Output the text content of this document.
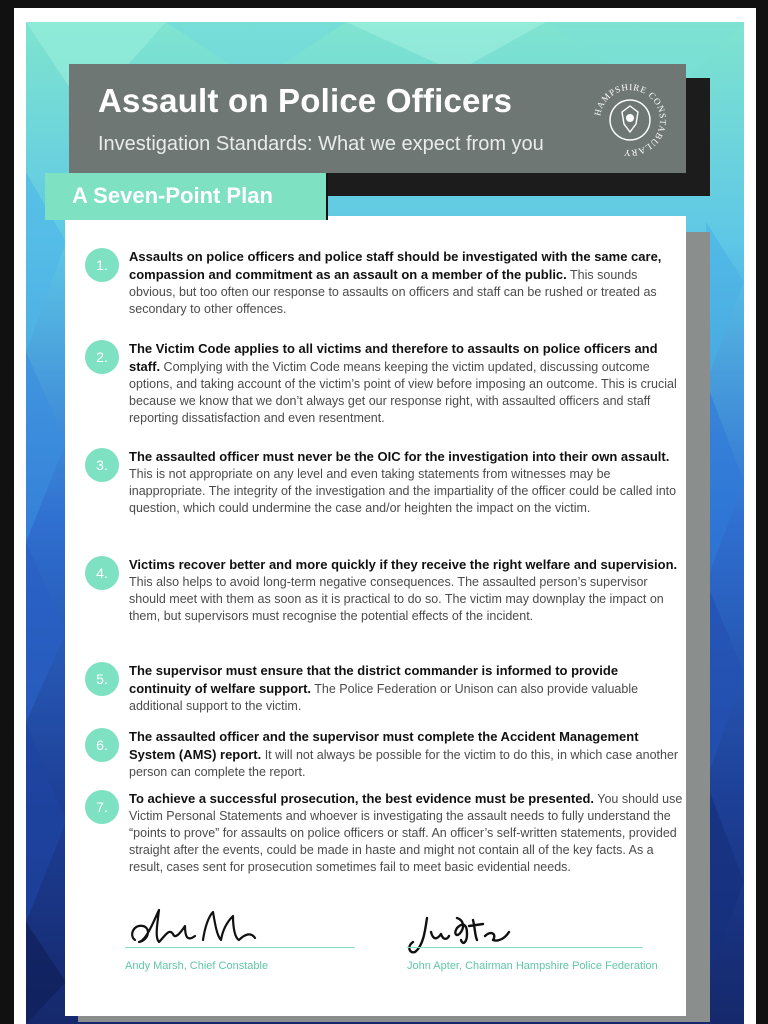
Assault on Police Officers
Investigation Standards: What we expect from you
HAMPSHIRE CONSTABULARY
A Seven-Point Plan
1.
Assaults on police officers and police staff should be investigated with the same care, compassion and commitment as an assault on a member of the public. This sounds obvious, but too often our response to assaults on officers and staff can be rushed or treated as secondary to other offences.
2.
The Victim Code applies to all victims and therefore to assaults on police officers and staff. Complying with the Victim Code means keeping the victim updated, discussing outcome options, and taking account of the victim’s point of view before imposing an outcome. This is crucial because we know that we don’t always get our response right, with assaulted officers and staff reporting dissatisfaction and even resentment.
3.
The assaulted officer must never be the OIC for the investigation into their own assault. This is not appropriate on any level and even taking statements from witnesses may be inappropriate. The integrity of the investigation and the impartiality of the officer could be called into question, which could undermine the case and/or heighten the impact on the victim.
4.
Victims recover better and more quickly if they receive the right welfare and supervision. This also helps to avoid long-term negative consequences. The assaulted person’s supervisor should meet with them as soon as it is practical to do so. The victim may downplay the impact on them, but supervisors must recognise the potential effects of the incident.
5.
The supervisor must ensure that the district commander is informed to provide continuity of welfare support. The Police Federation or Unison can also provide valuable additional support to the victim.
6.
The assaulted officer and the supervisor must complete the Accident Management System (AMS) report. It will not always be possible for the victim to do this, in which case another person can complete the report.
7.
To achieve a successful prosecution, the best evidence must be presented. You should use Victim Personal Statements and whoever is investigating the assault needs to fully understand the “points to prove” for assaults on police officers or staff. An officer’s self-written statements, provided straight after the events, could be made in haste and might not contain all of the key facts. As a result, cases sent for prosecution sometimes fail to meet basic evidential needs.
Andy Marsh, Chief Constable	John Apter, Chairman Hampshire Police Federation
